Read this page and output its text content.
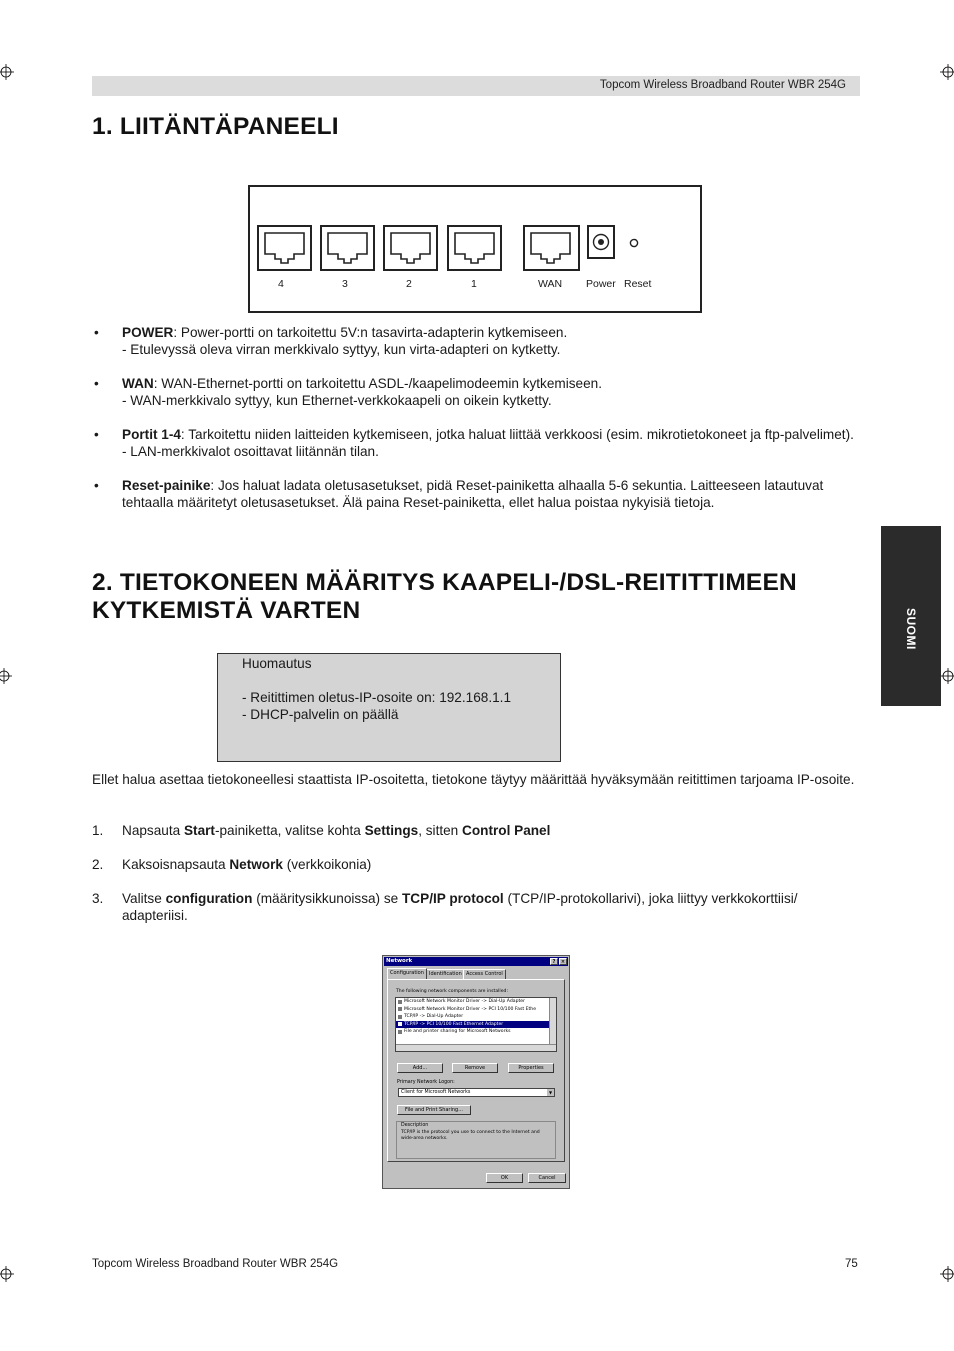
Topcom Wireless Broadband Router WBR 254G
1. LIITÄNTÄPANEELI
4	3	2	1	WAN Power Reset
• POWER: Power-portti on tarkoitettu 5V:n tasavirta-adapterin kytkemiseen.
- Etulevyssä oleva virran merkkivalo syttyy, kun virta-adapteri on kytketty.
• WAN: WAN-Ethernet-portti on tarkoitettu ASDL-/kaapelimodeemin kytkemiseen.
- WAN-merkkivalo syttyy, kun Ethernet-verkkokaapeli on oikein kytketty.
• Portit 1-4: Tarkoitettu niiden laitteiden kytkemiseen, jotka haluat liittää verkkoosi (esim. mikrotietokoneet ja ftp-palvelimet).
- LAN-merkkivalot osoittavat liitännän tilan.
• Reset-painike: Jos haluat ladata oletusasetukset, pidä Reset-painiketta alhaalla 5-6 sekuntia. Laitteeseen latautuvat tehtaalla määritetyt oletusasetukset. Älä paina Reset-painiketta, ellet halua poistaa nykyisiä tietoja.
SUOMI
2. TIETOKONEEN MÄÄRITYS KAAPELI-/DSL-REITITTIMEEN
KYTKEMISTÄ VARTEN
Huomautus
- Reitittimen oletus-IP-osoite on: 192.168.1.1
- DHCP-palvelin on päällä
Ellet halua asettaa tietokoneellesi staattista IP-osoitetta, tietokone täytyy määrittää hyväksymään reitittimen tarjoama IP-osoite.
1. Napsauta Start-painiketta, valitse kohta Settings, sitten Control Panel
2. Kaksoisnapsauta Network (verkkoikonia)
3. Valitse configuration (määritysikkunoissa) se TCP/IP protocol (TCP/IP-protokollarivi), joka liittyy verkkokorttiisi/ adapteriisi.
Network	?	×
Configuration	Identification Access Control
The following network components are installed:
Microsoft Network Monitor Driver -> Dial-Up Adapter
Microsoft Network Monitor Driver -> PCI 10/100 Fast Ethe
TCP/IP -> Dial-Up Adapter
TCP/IP -> PCI 10/100 Fast Ethernet Adapter
File and printer sharing for Microsoft Networks
Add...	Remove	Properties
Primary Network Logon:
Client for Microsoft Networks	▼
File and Print Sharing...
Description
TCP/IP is the protocol you use to connect to the Internet and wide-area networks.
OK	Cancel
Topcom Wireless Broadband Router WBR 254G	75
